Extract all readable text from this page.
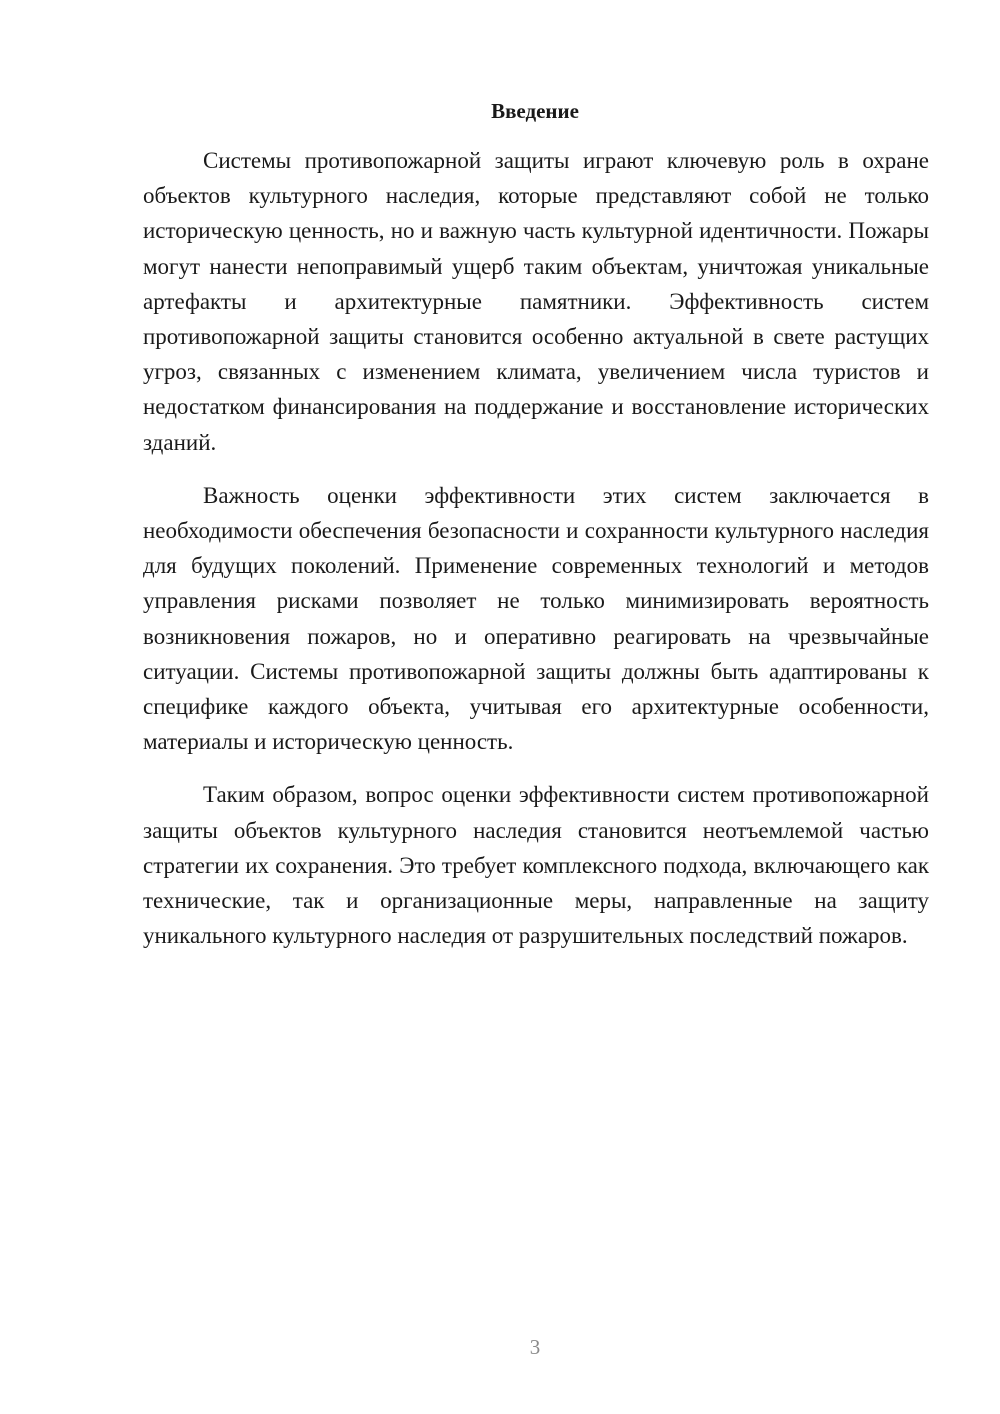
Введение

Системы противопожарной защиты играют ключевую роль в охране объектов культурного наследия, которые представляют собой не только историческую ценность, но и важную часть культурной идентичности. Пожары могут нанести непоправимый ущерб таким объектам, уничтожая уникальные артефакты и архитектурные памятники. Эффективность систем противопожарной защиты становится особенно актуальной в свете растущих угроз, связанных с изменением климата, увеличением числа туристов и недостатком финансирования на поддержание и восстановление исторических зданий.

Важность оценки эффективности этих систем заключается в необходимости обеспечения безопасности и сохранности культурного наследия для будущих поколений. Применение современных технологий и методов управления рисками позволяет не только минимизировать вероятность возникновения пожаров, но и оперативно реагировать на чрезвычайные ситуации. Системы противопожарной защиты должны быть адаптированы к специфике каждого объекта, учитывая его архитектурные особенности, материалы и историческую ценность.

Таким образом, вопрос оценки эффективности систем противопожарной защиты объектов культурного наследия становится неотъемлемой частью стратегии их сохранения. Это требует комплексного подхода, включающего как технические, так и организационные меры, направленные на защиту уникального культурного наследия от разрушительных последствий пожаров.

3
